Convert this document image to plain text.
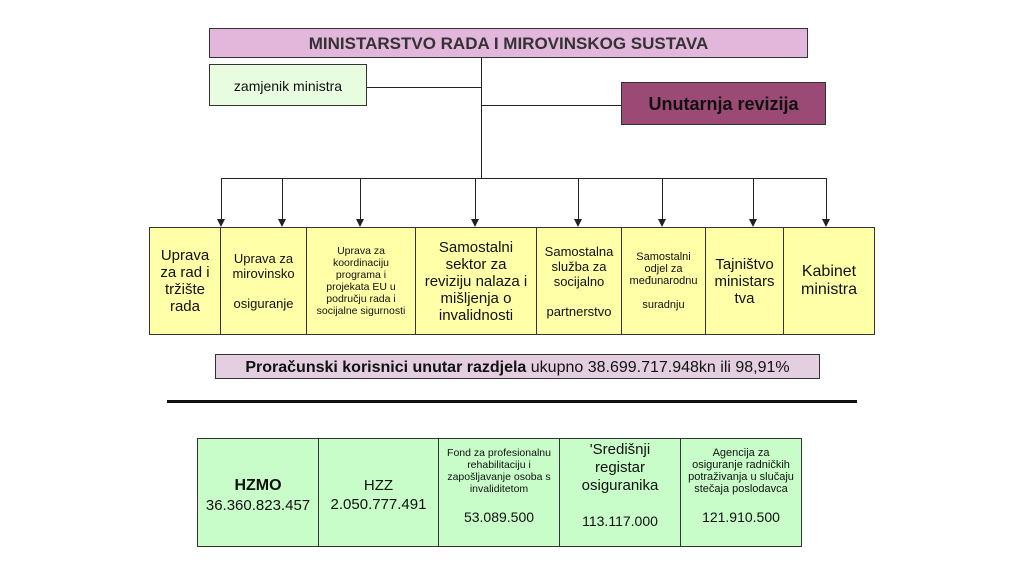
MINISTARSTVO RADA I MIROVINSKOG SUSTAVA
zamjenik ministra
Unutarnja revizija
Uprava
za rad i
tržište
rada
Uprava za
mirovinsko

osiguranje
Uprava za
koordinaciju
programa i
projekata EU u
području rada i
socijalne sigurnosti
Samostalni
sektor za
reviziju nalaza i
mišljenja o
invalidnosti
Samostalna
služba za
socijalno

partnerstvo
Samostalni
odjel za
međunarodnu

suradnju
Tajništvo
ministars
tva
Kabinet
ministra
Proračunski korisnici unutar razdjela ukupno 38.699.717.948kn ili 98,91%
HZMO
36.360.823.457
HZZ
2.050.777.491
Fond za profesionalnu
rehabilitaciju i
zapošljavanje osoba s
invaliditetom
53.089.500
'Središnji
registar
osiguranika
113.117.000
Agencija za
osiguranje radničkih
potraživanja u slučaju
stečaja poslodavca
121.910.500
